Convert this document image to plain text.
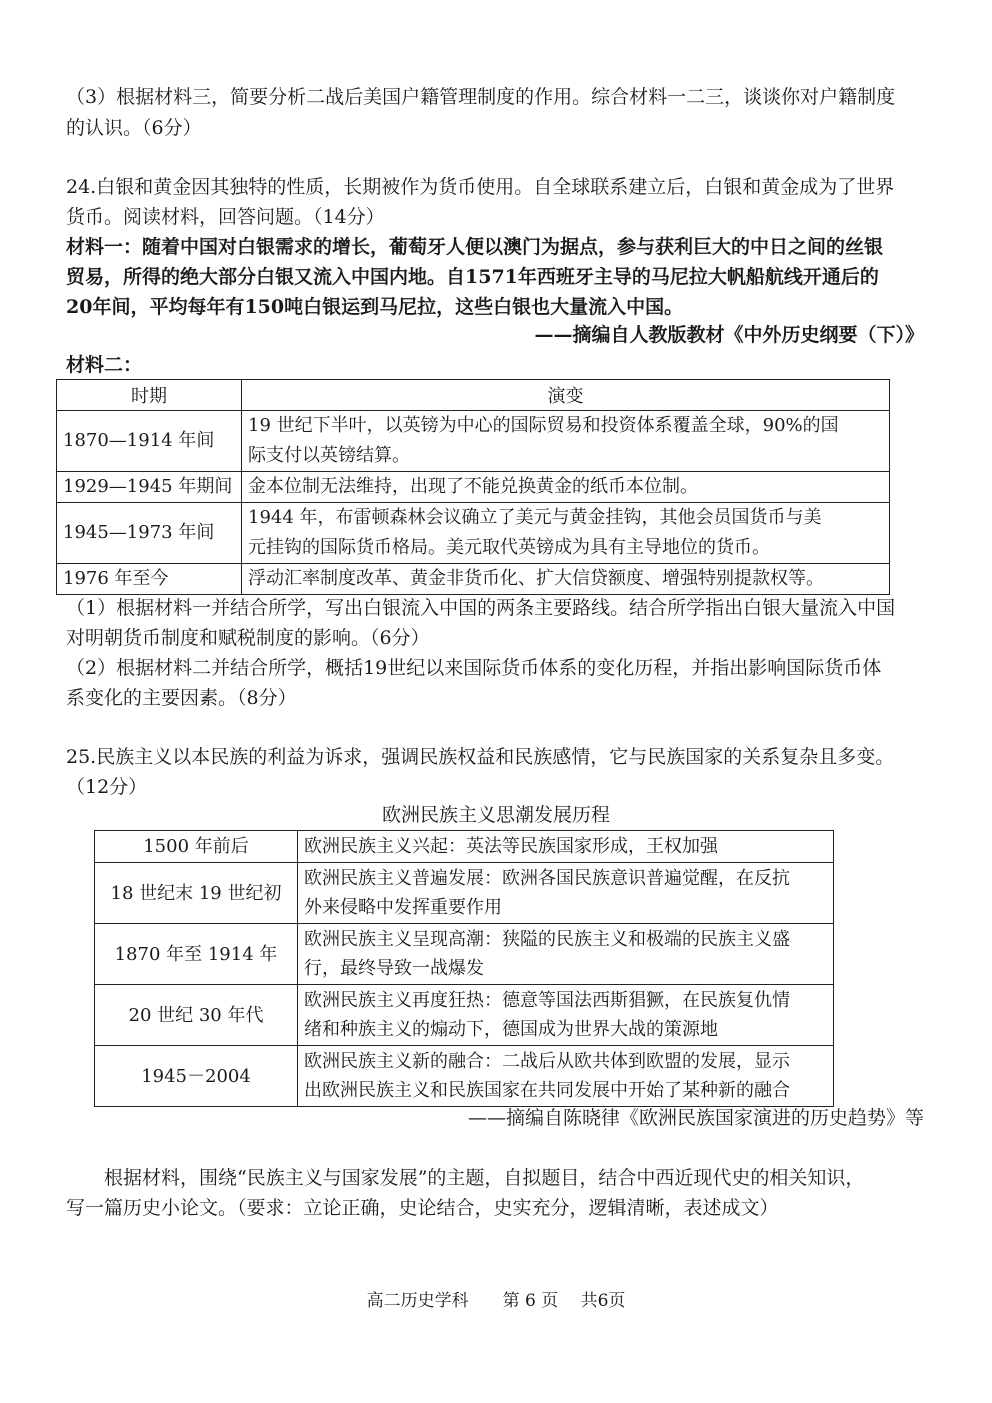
（3）根据材料三，简要分析二战后美国户籍管理制度的作用。综合材料一二三，谈谈你对户籍制度
的认识。（6分）
24.白银和黄金因其独特的性质，长期被作为货币使用。自全球联系建立后，白银和黄金成为了世界
货币。阅读材料，回答问题。（14分）
材料一：随着中国对白银需求的增长，葡萄牙人便以澳门为据点，参与获利巨大的中日之间的丝银
贸易，所得的绝大部分白银又流入中国内地。自1571年西班牙主导的马尼拉大帆船航线开通后的
20年间，平均每年有150吨白银运到马尼拉，这些白银也大量流入中国。
——摘编自人教版教材《中外历史纲要（下）》
材料二：
时期	演变
1870—1914 年间	19 世纪下半叶，以英镑为中心的国际贸易和投资体系覆盖全球，90%的国
际支付以英镑结算。

1929—1945 年期间	金本位制无法维持，出现了不能兑换黄金的纸币本位制。

1945—1973 年间	1944 年，布雷顿森林会议确立了美元与黄金挂钩，其他会员国货币与美
元挂钩的国际货币格局。美元取代英镑成为具有主导地位的货币。

1976 年至今	浮动汇率制度改革、黄金非货币化、扩大信贷额度、增强特别提款权等。
（1）根据材料一并结合所学，写出白银流入中国的两条主要路线。结合所学指出白银大量流入中国
对明朝货币制度和赋税制度的影响。（6分）
（2）根据材料二并结合所学，概括19世纪以来国际货币体系的变化历程，并指出影响国际货币体
系变化的主要因素。（8分）
25.民族主义以本民族的利益为诉求，强调民族权益和民族感情，它与民族国家的关系复杂且多变。
（12分）
欧洲民族主义思潮发展历程
1500 年前后	欧洲民族主义兴起：英法等民族国家形成，王权加强

18 世纪末 19 世纪初	欧洲民族主义普遍发展：欧洲各国民族意识普遍觉醒，在反抗
外来侵略中发挥重要作用

1870 年至 1914 年	欧洲民族主义呈现高潮：狭隘的民族主义和极端的民族主义盛
行，最终导致一战爆发

20 世纪 30 年代	欧洲民族主义再度狂热：德意等国法西斯猖獗，在民族复仇情
绪和种族主义的煽动下，德国成为世界大战的策源地

1945－2004	欧洲民族主义新的融合：二战后从欧共体到欧盟的发展，显示
出欧洲民族主义和民族国家在共同发展中开始了某种新的融合
——摘编自陈晓律《欧洲民族国家演进的历史趋势》等
根据材料，围绕“民族主义与国家发展”的主题，自拟题目，结合中西近现代史的相关知识，
写一篇历史小论文。（要求：立论正确，史论结合，史实充分，逻辑清晰，表述成文）
高二历史学科　　第 6 页　 共6页
